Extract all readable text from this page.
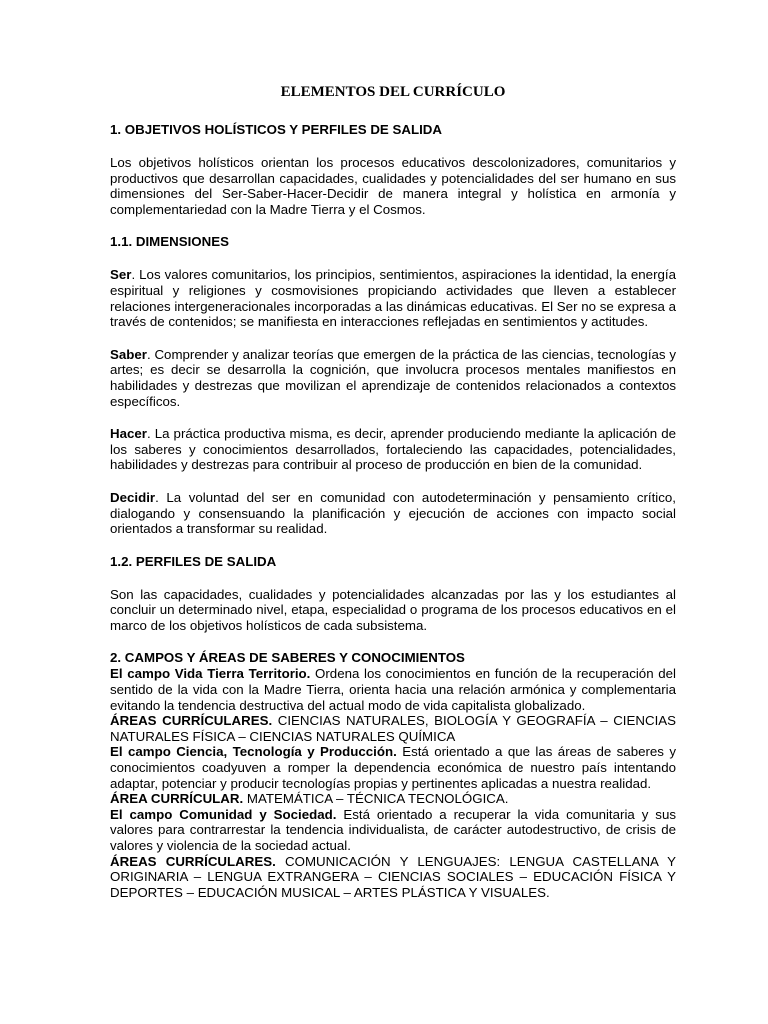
ELEMENTOS DEL CURRÍCULO
1. OBJETIVOS HOLÍSTICOS Y PERFILES DE SALIDA

Los objetivos holísticos orientan los procesos educativos descolonizadores, comunitarios y productivos que desarrollan capacidades, cualidades y potencialidades del ser humano en sus dimensiones del Ser-Saber-Hacer-Decidir de manera integral y holística en armonía y complementariedad con la Madre Tierra y el Cosmos.

1.1. DIMENSIONES

Ser. Los valores comunitarios, los principios, sentimientos, aspiraciones la identidad, la energía espiritual y religiones y cosmovisiones propiciando actividades que lleven a establecer relaciones intergeneracionales incorporadas a las dinámicas educativas. El Ser no se expresa a través de contenidos; se manifiesta en interacciones reflejadas en sentimientos y actitudes.

Saber. Comprender y analizar teorías que emergen de la práctica de las ciencias, tecnologías y artes; es decir se desarrolla la cognición, que involucra procesos mentales manifiestos en habilidades y destrezas que movilizan el aprendizaje de contenidos relacionados a contextos específicos.

Hacer. La práctica productiva misma, es decir, aprender produciendo mediante la aplicación de los saberes y conocimientos desarrollados, fortaleciendo las capacidades, potencialidades, habilidades y destrezas para contribuir al proceso de producción en bien de la comunidad.

Decidir. La voluntad del ser en comunidad con autodeterminación y pensamiento crítico, dialogando y consensuando la planificación y ejecución de acciones con impacto social orientados a transformar su realidad.

1.2. PERFILES DE SALIDA

Son las capacidades, cualidades y potencialidades alcanzadas por las y los estudiantes al concluir un determinado nivel, etapa, especialidad o programa de los procesos educativos en el marco de los objetivos holísticos de cada subsistema.

2. CAMPOS Y ÁREAS DE SABERES Y CONOCIMIENTOS
El campo Vida Tierra Territorio. Ordena los conocimientos en función de la recuperación del sentido de la vida con la Madre Tierra, orienta hacia una relación armónica y complementaria evitando la tendencia destructiva del actual modo de vida capitalista globalizado.
ÁREAS CURRÍCULARES. CIENCIAS NATURALES, BIOLOGÍA Y GEOGRAFÍA – CIENCIAS NATURALES FÍSICA – CIENCIAS NATURALES QUÍMICA
El campo Ciencia, Tecnología y Producción. Está orientado a que las áreas de saberes y conocimientos coadyuven a romper la dependencia económica de nuestro país intentando adaptar, potenciar y producir tecnologías propias y pertinentes aplicadas a nuestra realidad.
ÁREA CURRÍCULAR. MATEMÁTICA – TÉCNICA TECNOLÓGICA.
El campo Comunidad y Sociedad. Está orientado a recuperar la vida comunitaria y sus valores para contrarrestar la tendencia individualista, de carácter autodestructivo, de crisis de valores y violencia de la sociedad actual.
ÁREAS CURRÍCULARES. COMUNICACIÓN Y LENGUAJES: LENGUA CASTELLANA Y ORIGINARIA – LENGUA EXTRANGERA – CIENCIAS SOCIALES – EDUCACIÓN FÍSICA Y DEPORTES – EDUCACIÓN MUSICAL – ARTES PLÁSTICA Y VISUALES.
